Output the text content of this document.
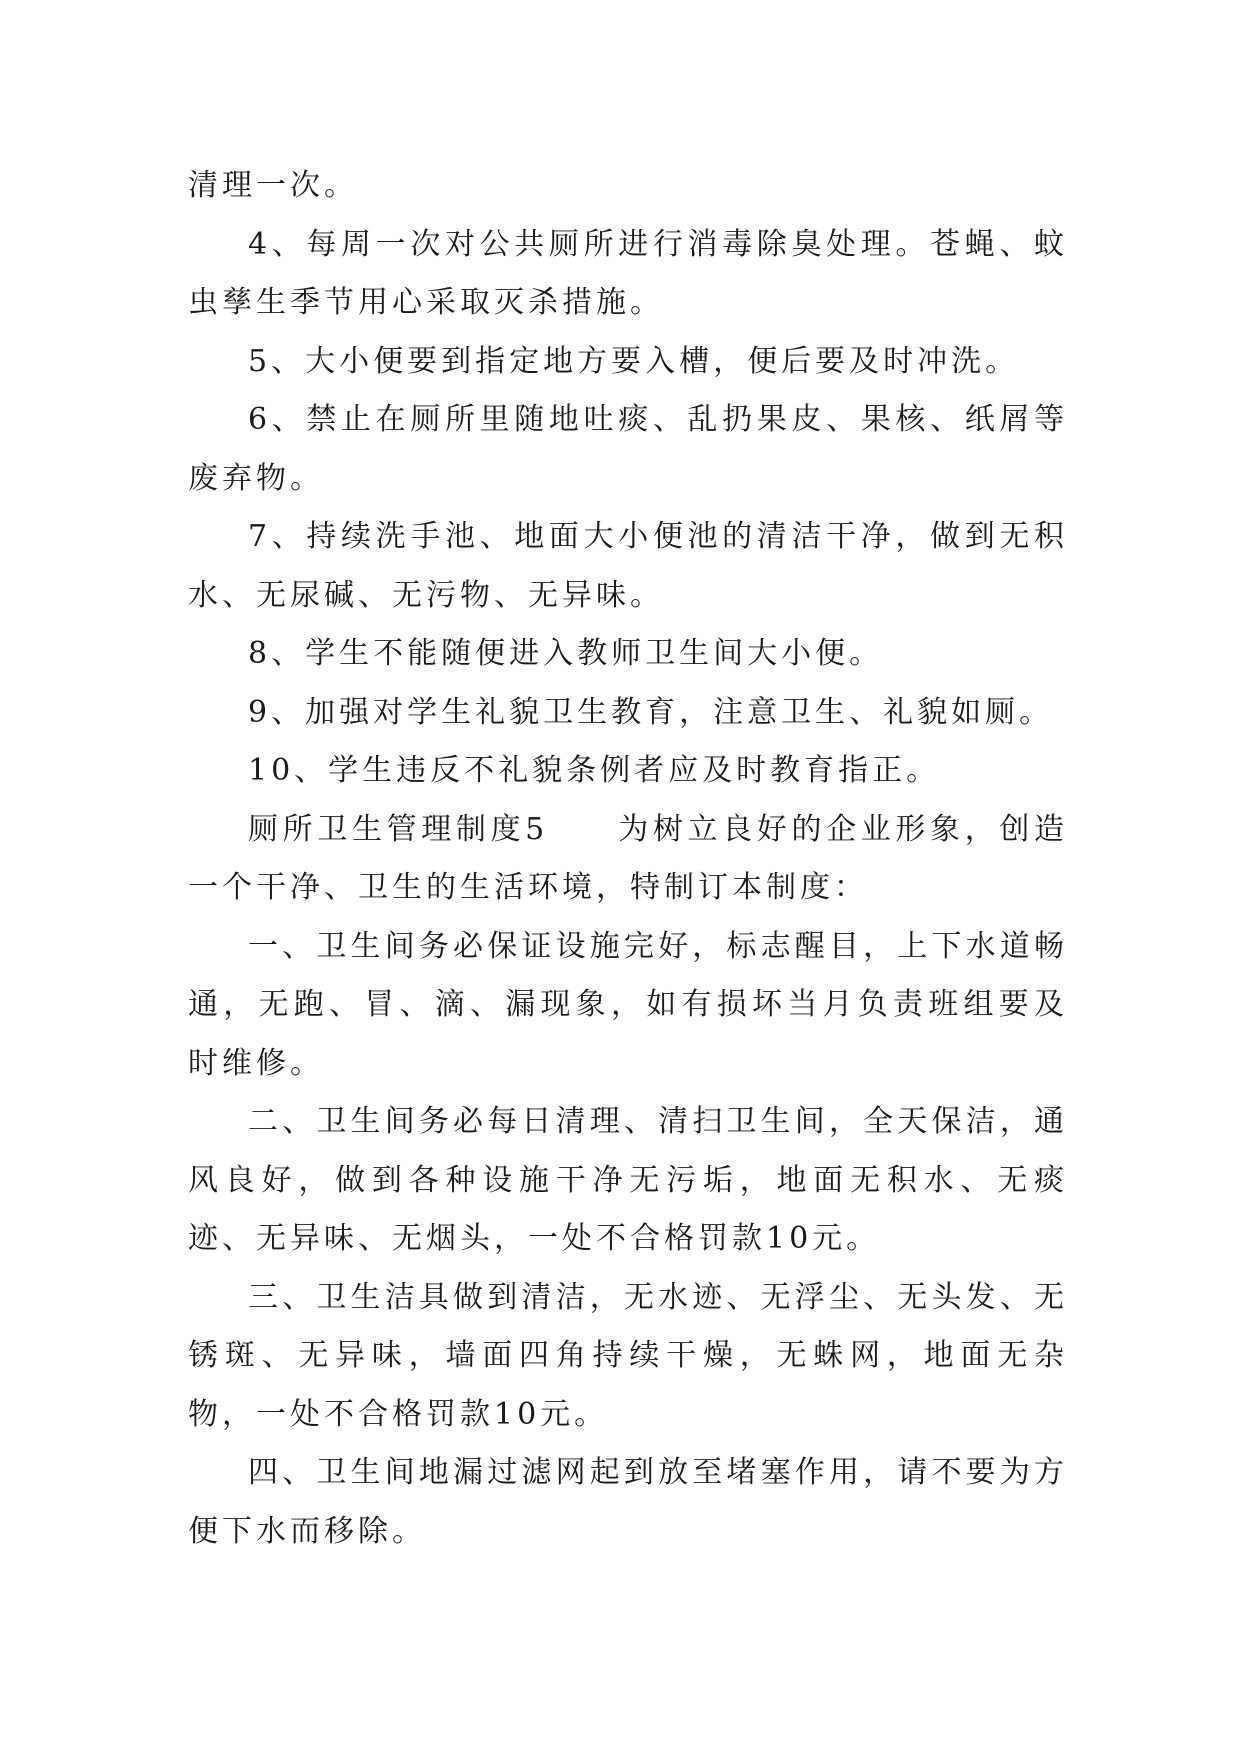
清理一次。

4、每周一次对公共厕所进行消毒除臭处理。苍蝇、蚊虫孳生季节用心采取灭杀措施。

5、大小便要到指定地方要入槽，便后要及时冲洗。

6、禁止在厕所里随地吐痰、乱扔果皮、果核、纸屑等废弃物。

7、持续洗手池、地面大小便池的清洁干净，做到无积水、无尿碱、无污物、无异味。

8、学生不能随便进入教师卫生间大小便。

9、加强对学生礼貌卫生教育，注意卫生、礼貌如厕。

10、学生违反不礼貌条例者应及时教育指正。

厕所卫生管理制度5　　为树立良好的企业形象，创造一个干净、卫生的生活环境，特制订本制度：

一、卫生间务必保证设施完好，标志醒目，上下水道畅通，无跑、冒、滴、漏现象，如有损坏当月负责班组要及时维修。

二、卫生间务必每日清理、清扫卫生间，全天保洁，通风良好，做到各种设施干净无污垢，地面无积水、无痰迹、无异味、无烟头，一处不合格罚款10元。

三、卫生洁具做到清洁，无水迹、无浮尘、无头发、无锈斑、无异味，墙面四角持续干燥，无蛛网，地面无杂物，一处不合格罚款10元。

四、卫生间地漏过滤网起到放至堵塞作用，请不要为方便下水而移除。
